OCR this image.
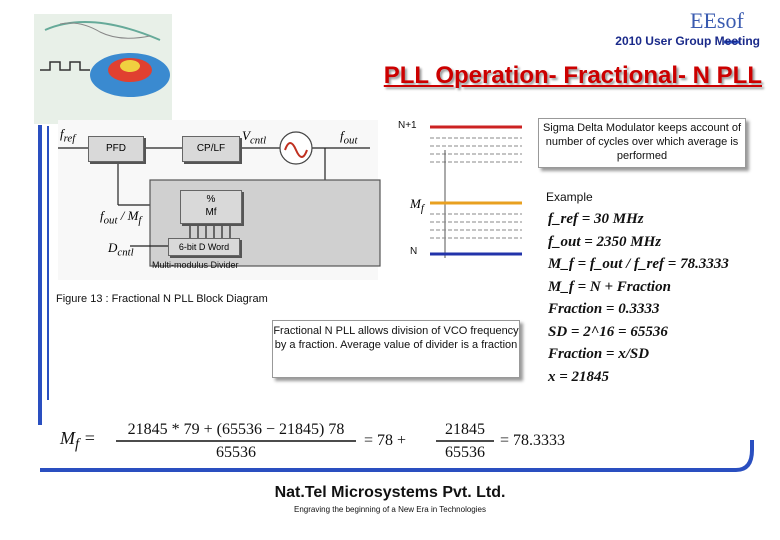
EEsof
2010 User Group Meeting
PLL Operation- Fractional- N PLL
$f_{ref}$
PFD	CP/LF
$V_{cntl}$	$f_{out}$
$f_{out} / M_f$
%
Mf
$D_{cntl}$	6-bit D Word
Multi-modulus Divider
Figure 13 : Fractional N PLL Block Diagram
N+1
$M_f$
N
Sigma Delta Modulator keeps account of number of cycles over which average is performed
Fractional N PLL allows division of VCO frequency by a fraction. Average value of divider is a fraction
Example
f_ref = 30 MHz
f_out = 2350 MHz
M_f = f_out / f_ref = 78.3333
M_f = N + Fraction
Fraction = 0.3333
SD = 2^16 = 65536
Fraction = x/SD
x = 21845
$M_f$ =	21845 * 79 + (65536 − 21845) 78
65536
= 78 +
21845
65536
= 78.3333
Nat.Tel Microsystems Pvt. Ltd.
Engraving the beginning of a New Era in Technologies
